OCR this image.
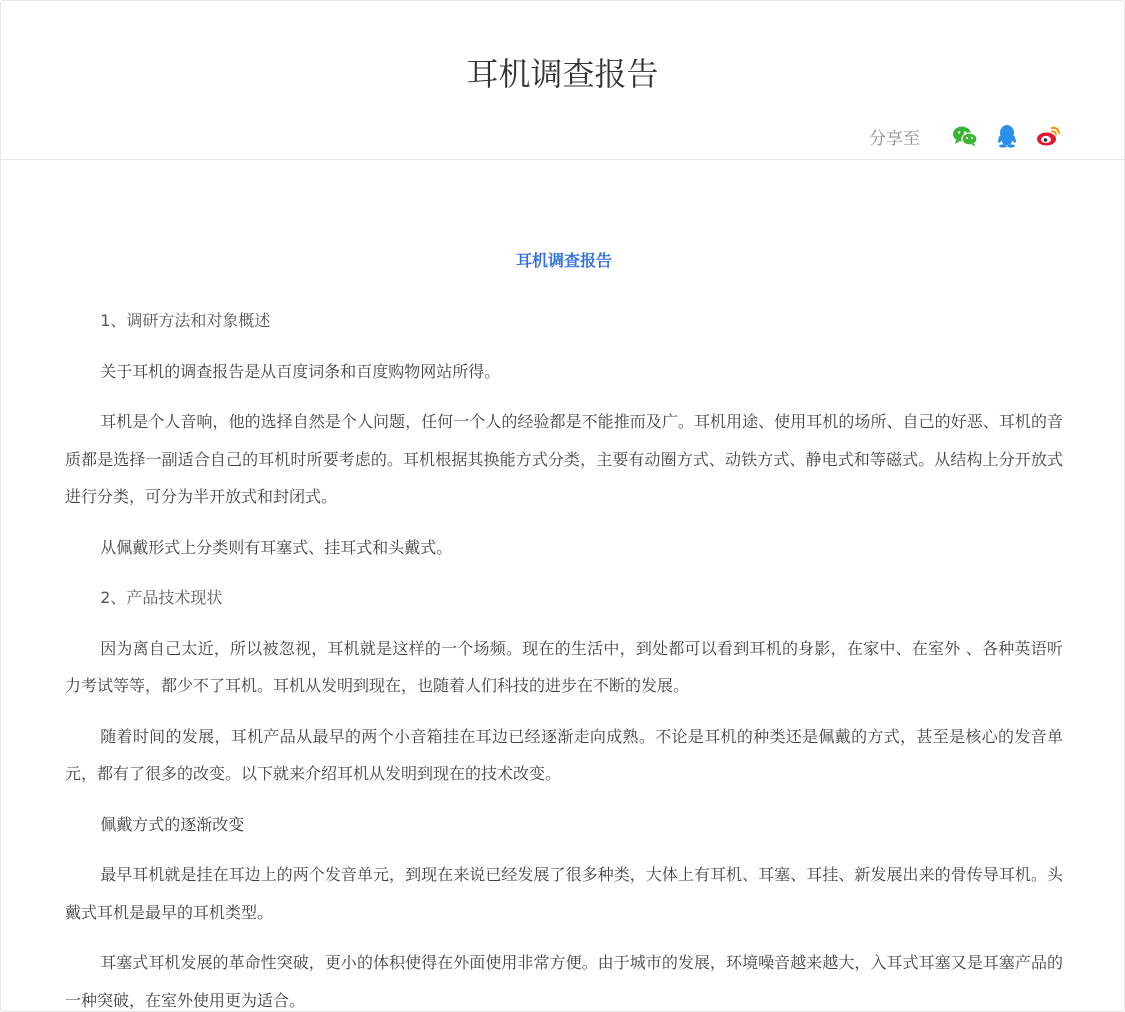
耳机调查报告
分享至

耳机调查报告

1、调研方法和对象概述

关于耳机的调查报告是从百度词条和百度购物网站所得。

耳机是个人音响，他的选择自然是个人问题，任何一个人的经验都是不能推而及广。耳机用途、使用耳机的场所、自己的好恶、耳机的音质都是选择一副适合自己的耳机时所要考虑的。耳机根据其换能方式分类，主要有动圈方式、动铁方式、静电式和等磁式。从结构上分开放式进行分类，可分为半开放式和封闭式。

从佩戴形式上分类则有耳塞式、挂耳式和头戴式。

2、产品技术现状

因为离自己太近，所以被忽视，耳机就是这样的一个场频。现在的生活中，到处都可以看到耳机的身影，在家中、在室外 、各种英语听力考试等等，都少不了耳机。耳机从发明到现在，也随着人们科技的进步在不断的发展。

随着时间的发展，耳机产品从最早的两个小音箱挂在耳边已经逐渐走向成熟。不论是耳机的种类还是佩戴的方式，甚至是核心的发音单元，都有了很多的改变。以下就来介绍耳机从发明到现在的技术改变。

佩戴方式的逐渐改变

最早耳机就是挂在耳边上的两个发音单元，到现在来说已经发展了很多种类，大体上有耳机、耳塞、耳挂、新发展出来的骨传导耳机。头戴式耳机是最早的耳机类型。

耳塞式耳机发展的革命性突破，更小的体积使得在外面使用非常方便。由于城市的发展，环境噪音越来越大，入耳式耳塞又是耳塞产品的一种突破，在室外使用更为适合。
